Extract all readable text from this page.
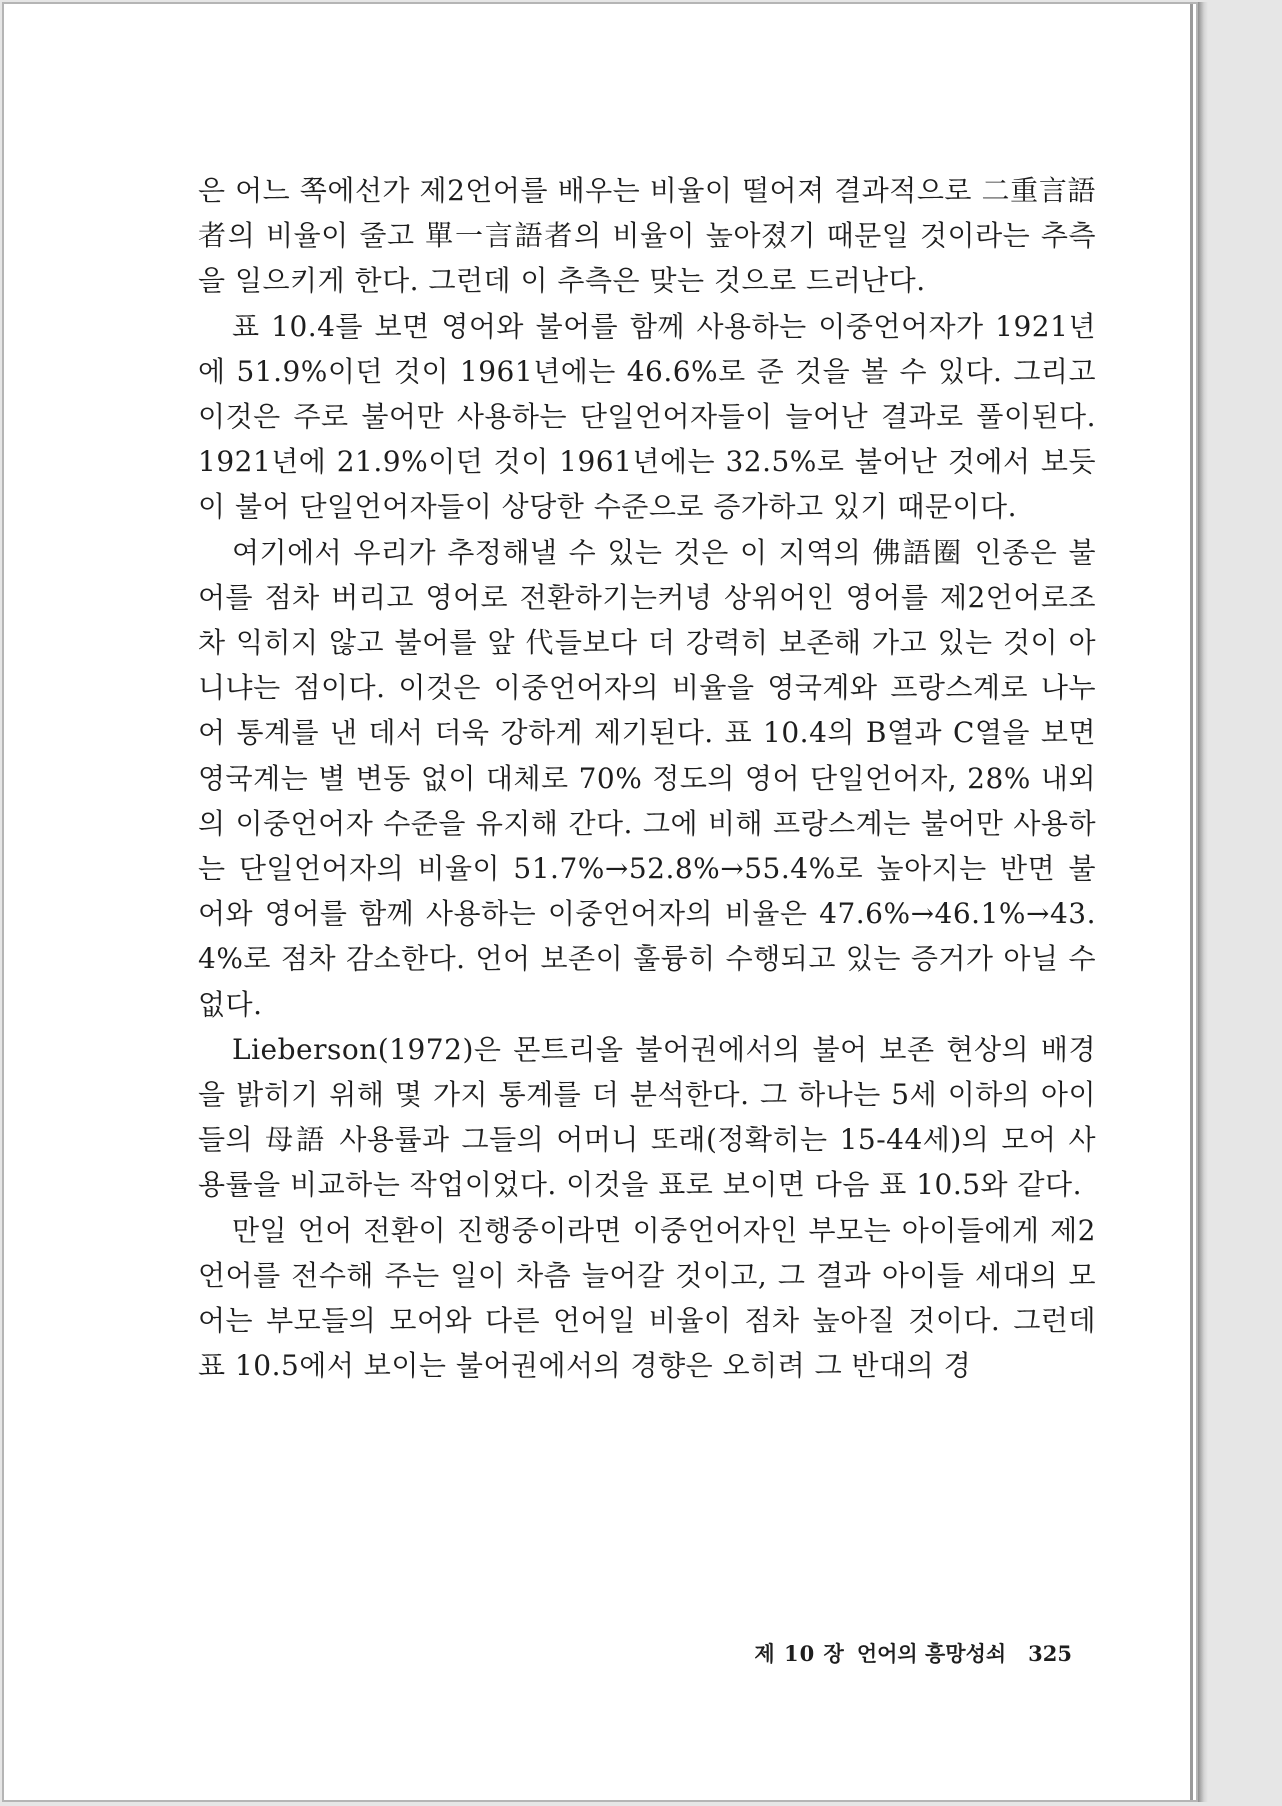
은 어느 쪽에선가 제2언어를 배우는 비율이 떨어져 결과적으로 二重言語者의 비율이 줄고 單一言語者의 비율이 높아졌기 때문일 것이라는 추측을 일으키게 한다. 그런데 이 추측은 맞는 것으로 드러난다.

표 10.4를 보면 영어와 불어를 함께 사용하는 이중언어자가 1921년에 51.9%이던 것이 1961년에는 46.6%로 준 것을 볼 수 있다. 그리고 이것은 주로 불어만 사용하는 단일언어자들이 늘어난 결과로 풀이된다. 1921년에 21.9%이던 것이 1961년에는 32.5%로 불어난 것에서 보듯이 불어 단일언어자들이 상당한 수준으로 증가하고 있기 때문이다.

여기에서 우리가 추정해낼 수 있는 것은 이 지역의 佛語圈 인종은 불어를 점차 버리고 영어로 전환하기는커녕 상위어인 영어를 제2언어로조차 익히지 않고 불어를 앞 代들보다 더 강력히 보존해 가고 있는 것이 아니냐는 점이다. 이것은 이중언어자의 비율을 영국계와 프랑스계로 나누어 통계를 낸 데서 더욱 강하게 제기된다. 표 10.4의 B열과 C열을 보면 영국계는 별 변동 없이 대체로 70% 정도의 영어 단일언어자, 28% 내외의 이중언어자 수준을 유지해 간다. 그에 비해 프랑스계는 불어만 사용하는 단일언어자의 비율이 51.7%→52.8%→55.4%로 높아지는 반면 불어와 영어를 함께 사용하는 이중언어자의 비율은 47.6%→46.1%→43.4%로 점차 감소한다. 언어 보존이 훌륭히 수행되고 있는 증거가 아닐 수 없다.

Lieberson(1972)은 몬트리올 불어권에서의 불어 보존 현상의 배경을 밝히기 위해 몇 가지 통계를 더 분석한다. 그 하나는 5세 이하의 아이들의 母語 사용률과 그들의 어머니 또래(정확히는 15-44세)의 모어 사용률을 비교하는 작업이었다. 이것을 표로 보이면 다음 표 10.5와 같다.

만일 언어 전환이 진행중이라면 이중언어자인 부모는 아이들에게 제2언어를 전수해 주는 일이 차츰 늘어갈 것이고, 그 결과 아이들 세대의 모어는 부모들의 모어와 다른 언어일 비율이 점차 높아질 것이다. 그런데 표 10.5에서 보이는 불어권에서의 경향은 오히려 그 반대의 경

제 10 장 언어의 흥망성쇠 325
